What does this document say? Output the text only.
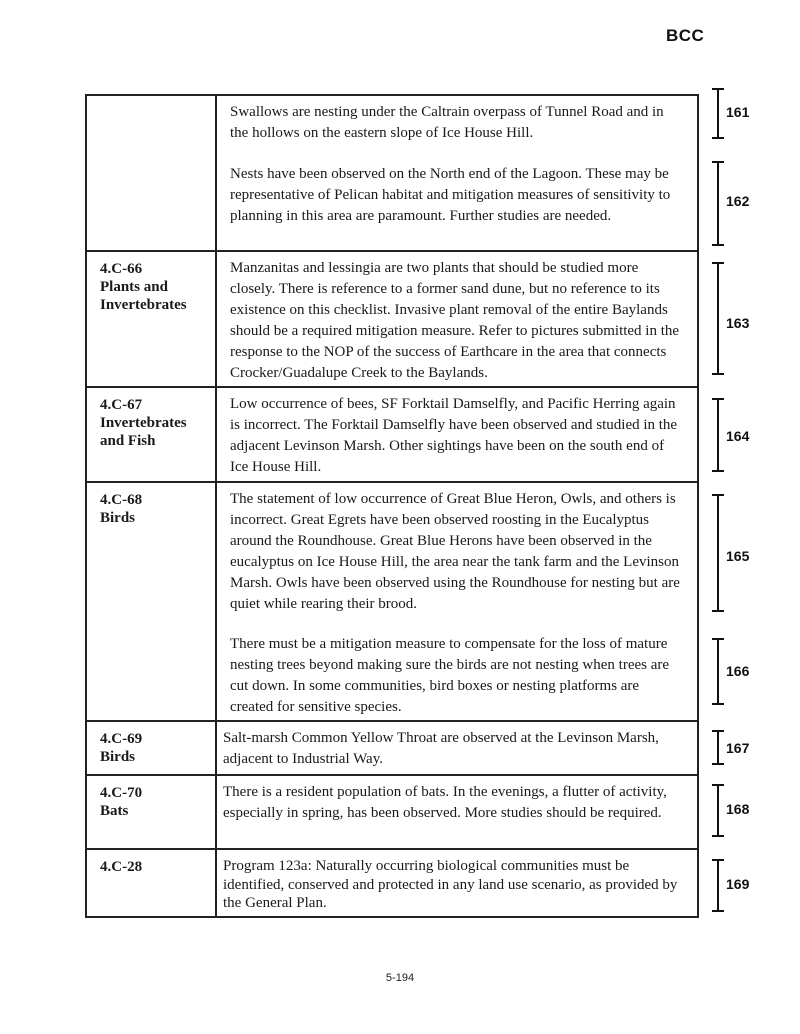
BCC
Swallows are nesting under the Caltrain overpass of Tunnel Road and in the hollows on the eastern slope of Ice House Hill.
Nests have been observed on the North end of the Lagoon. These may be representative of Pelican habitat and mitigation measures of sensitivity to planning in this area are paramount. Further studies are needed.
4.C-66
Plants and Invertebrates
Manzanitas and lessingia are two plants that should be studied more closely. There is reference to a former sand dune, but no reference to its existence on this checklist. Invasive plant removal of the entire Baylands should be a required mitigation measure. Refer to pictures submitted in the response to the NOP of the success of Earthcare in the area that connects Crocker/Guadalupe Creek to the Baylands.
4.C-67
Invertebrates and Fish
Low occurrence of bees, SF Forktail Damselfly, and Pacific Herring again is incorrect. The Forktail Damselfly have been observed and studied in the adjacent Levinson Marsh. Other sightings have been on the south end of Ice House Hill.
4.C-68
Birds
The statement of low occurrence of Great Blue Heron, Owls, and others is incorrect. Great Egrets have been observed roosting in the Eucalyptus around the Roundhouse. Great Blue Herons have been observed in the eucalyptus on Ice House Hill, the area near the tank farm and the Levinson Marsh. Owls have been observed using the Roundhouse for nesting but are quiet while rearing their brood.
There must be a mitigation measure to compensate for the loss of mature nesting trees beyond making sure the birds are not nesting when trees are cut down. In some communities, bird boxes or nesting platforms are created for sensitive species.
4.C-69
Birds
Salt-marsh Common Yellow Throat are observed at the Levinson Marsh, adjacent to Industrial Way.
4.C-70
Bats
There is a resident population of bats. In the evenings, a flutter of activity, especially in spring, has been observed. More studies should be required.
4.C-28	Program 123a: Naturally occurring biological communities must be identified, conserved and protected in any land use scenario, as provided by the General Plan.
161
162
163
164
165
166
167
168
169
5-194
